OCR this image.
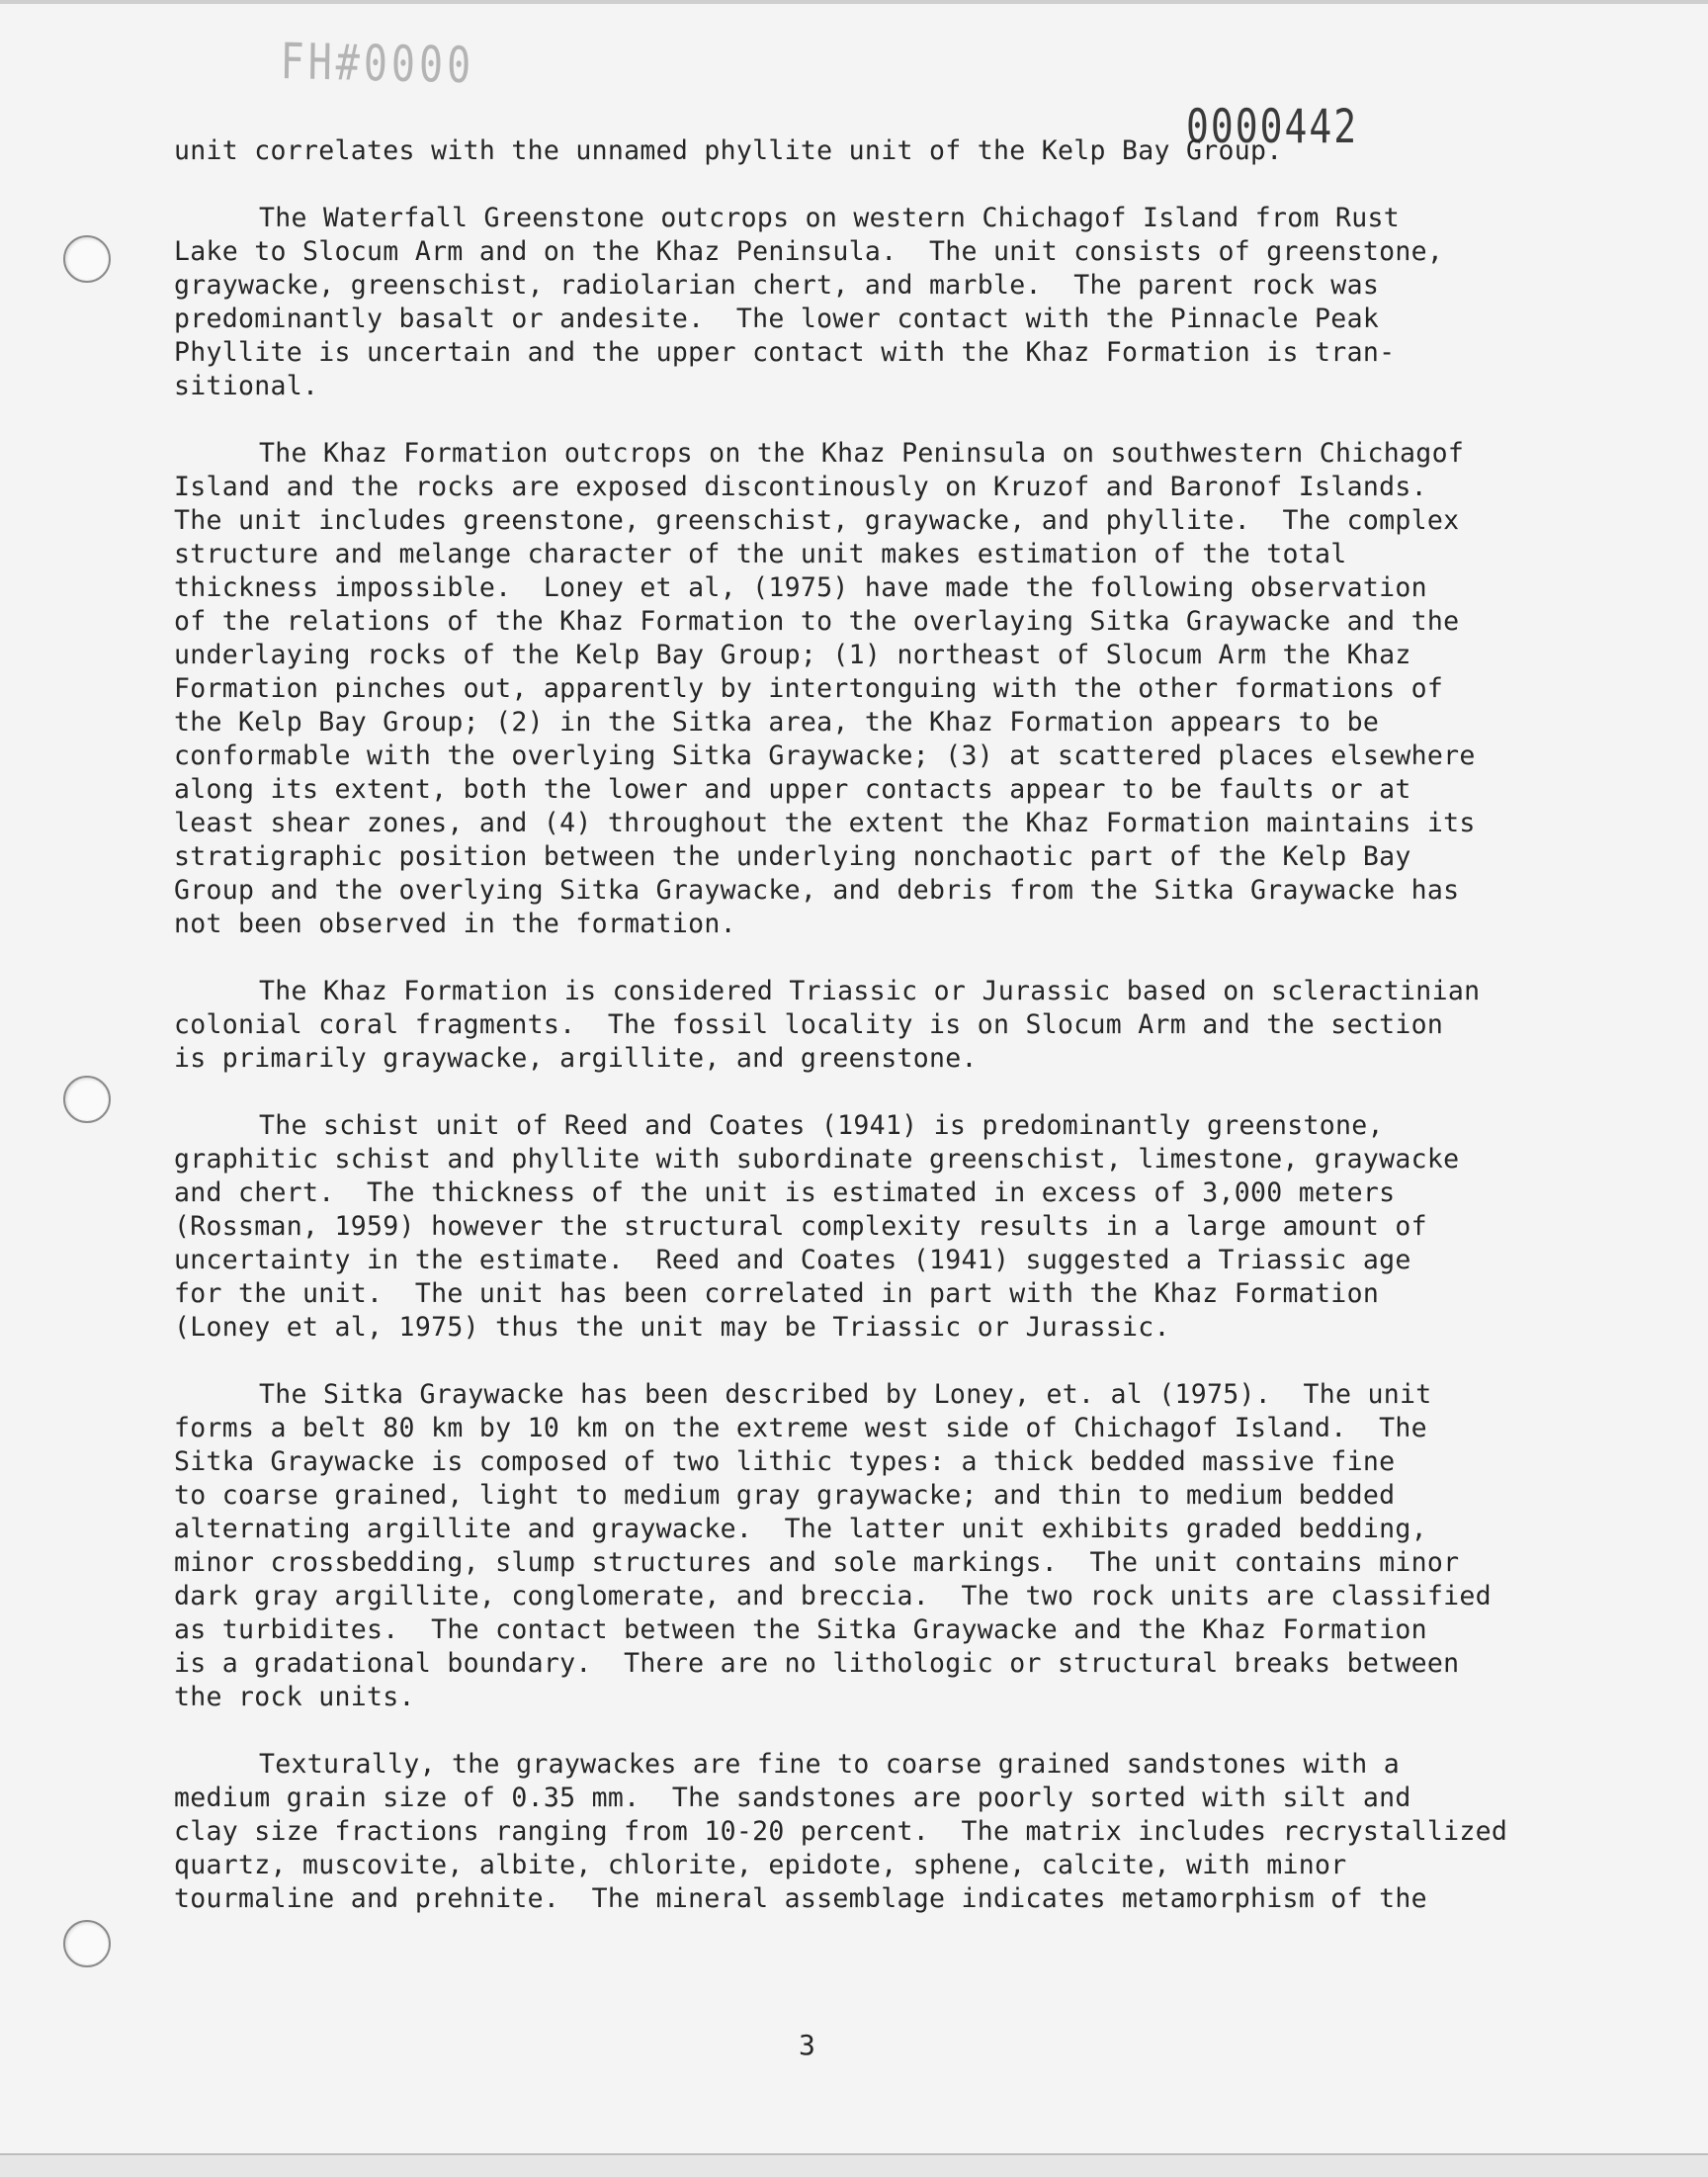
FH#0000
0000442
unit correlates with the unnamed phyllite unit of the Kelp Bay Group.
The Waterfall Greenstone outcrops on western Chichagof Island from Rust
Lake to Slocum Arm and on the Khaz Peninsula.  The unit consists of greenstone,
graywacke, greenschist, radiolarian chert, and marble.  The parent rock was
predominantly basalt or andesite.  The lower contact with the Pinnacle Peak
Phyllite is uncertain and the upper contact with the Khaz Formation is tran-
sitional.
The Khaz Formation outcrops on the Khaz Peninsula on southwestern Chichagof
Island and the rocks are exposed discontinously on Kruzof and Baronof Islands.
The unit includes greenstone, greenschist, graywacke, and phyllite.  The complex
structure and melange character of the unit makes estimation of the total
thickness impossible.  Loney et al, (1975) have made the following observation
of the relations of the Khaz Formation to the overlaying Sitka Graywacke and the
underlaying rocks of the Kelp Bay Group; (1) northeast of Slocum Arm the Khaz
Formation pinches out, apparently by intertonguing with the other formations of
the Kelp Bay Group; (2) in the Sitka area, the Khaz Formation appears to be
conformable with the overlying Sitka Graywacke; (3) at scattered places elsewhere
along its extent, both the lower and upper contacts appear to be faults or at
least shear zones, and (4) throughout the extent the Khaz Formation maintains its
stratigraphic position between the underlying nonchaotic part of the Kelp Bay
Group and the overlying Sitka Graywacke, and debris from the Sitka Graywacke has
not been observed in the formation.
The Khaz Formation is considered Triassic or Jurassic based on scleractinian
colonial coral fragments.  The fossil locality is on Slocum Arm and the section
is primarily graywacke, argillite, and greenstone.
The schist unit of Reed and Coates (1941) is predominantly greenstone,
graphitic schist and phyllite with subordinate greenschist, limestone, graywacke
and chert.  The thickness of the unit is estimated in excess of 3,000 meters
(Rossman, 1959) however the structural complexity results in a large amount of
uncertainty in the estimate.  Reed and Coates (1941) suggested a Triassic age
for the unit.  The unit has been correlated in part with the Khaz Formation
(Loney et al, 1975) thus the unit may be Triassic or Jurassic.
The Sitka Graywacke has been described by Loney, et. al (1975).  The unit
forms a belt 80 km by 10 km on the extreme west side of Chichagof Island.  The
Sitka Graywacke is composed of two lithic types: a thick bedded massive fine
to coarse grained, light to medium gray graywacke; and thin to medium bedded
alternating argillite and graywacke.  The latter unit exhibits graded bedding,
minor crossbedding, slump structures and sole markings.  The unit contains minor
dark gray argillite, conglomerate, and breccia.  The two rock units are classified
as turbidites.  The contact between the Sitka Graywacke and the Khaz Formation
is a gradational boundary.  There are no lithologic or structural breaks between
the rock units.
Texturally, the graywackes are fine to coarse grained sandstones with a
medium grain size of 0.35 mm.  The sandstones are poorly sorted with silt and
clay size fractions ranging from 10-20 percent.  The matrix includes recrystallized
quartz, muscovite, albite, chlorite, epidote, sphene, calcite, with minor
tourmaline and prehnite.  The mineral assemblage indicates metamorphism of the
3
